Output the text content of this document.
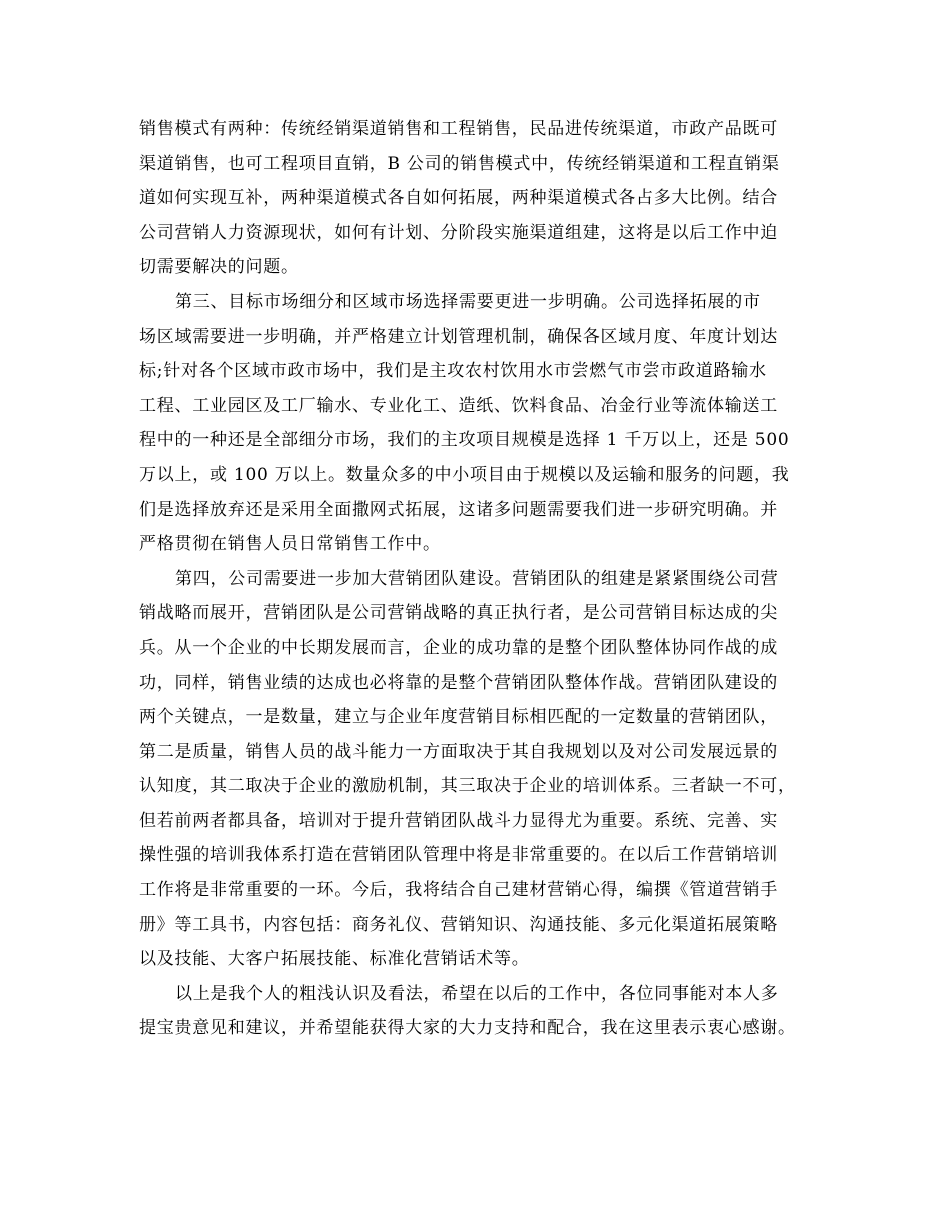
销售模式有两种：传统经销渠道销售和工程销售，民品进传统渠道，市政产品既可
渠道销售，也可工程项目直销，B 公司的销售模式中，传统经销渠道和工程直销渠
道如何实现互补，两种渠道模式各自如何拓展，两种渠道模式各占多大比例。结合
公司营销人力资源现状，如何有计划、分阶段实施渠道组建，这将是以后工作中迫
切需要解决的问题。
第三、目标市场细分和区域市场选择需要更进一步明确。公司选择拓展的市
场区域需要进一步明确，并严格建立计划管理机制，确保各区域月度、年度计划达
标;针对各个区域市政市场中，我们是主攻农村饮用水市尝燃气市尝市政道路输水
工程、工业园区及工厂输水、专业化工、造纸、饮料食品、冶金行业等流体输送工
程中的一种还是全部细分市场，我们的主攻项目规模是选择 1 千万以上，还是 500
万以上，或 100 万以上。数量众多的中小项目由于规模以及运输和服务的问题，我
们是选择放弃还是采用全面撒网式拓展，这诸多问题需要我们进一步研究明确。并
严格贯彻在销售人员日常销售工作中。
第四，公司需要进一步加大营销团队建设。营销团队的组建是紧紧围绕公司营
销战略而展开，营销团队是公司营销战略的真正执行者，是公司营销目标达成的尖
兵。从一个企业的中长期发展而言，企业的成功靠的是整个团队整体协同作战的成
功，同样，销售业绩的达成也必将靠的是整个营销团队整体作战。营销团队建设的
两个关键点，一是数量，建立与企业年度营销目标相匹配的一定数量的营销团队，
第二是质量，销售人员的战斗能力一方面取决于其自我规划以及对公司发展远景的
认知度，其二取决于企业的激励机制，其三取决于企业的培训体系。三者缺一不可，
但若前两者都具备，培训对于提升营销团队战斗力显得尤为重要。系统、完善、实
操性强的培训我体系打造在营销团队管理中将是非常重要的。在以后工作营销培训
工作将是非常重要的一环。今后，我将结合自己建材营销心得，编撰《管道营销手
册》等工具书，内容包括：商务礼仪、营销知识、沟通技能、多元化渠道拓展策略
以及技能、大客户拓展技能、标准化营销话术等。
以上是我个人的粗浅认识及看法，希望在以后的工作中，各位同事能对本人多
提宝贵意见和建议，并希望能获得大家的大力支持和配合，我在这里表示衷心感谢。
